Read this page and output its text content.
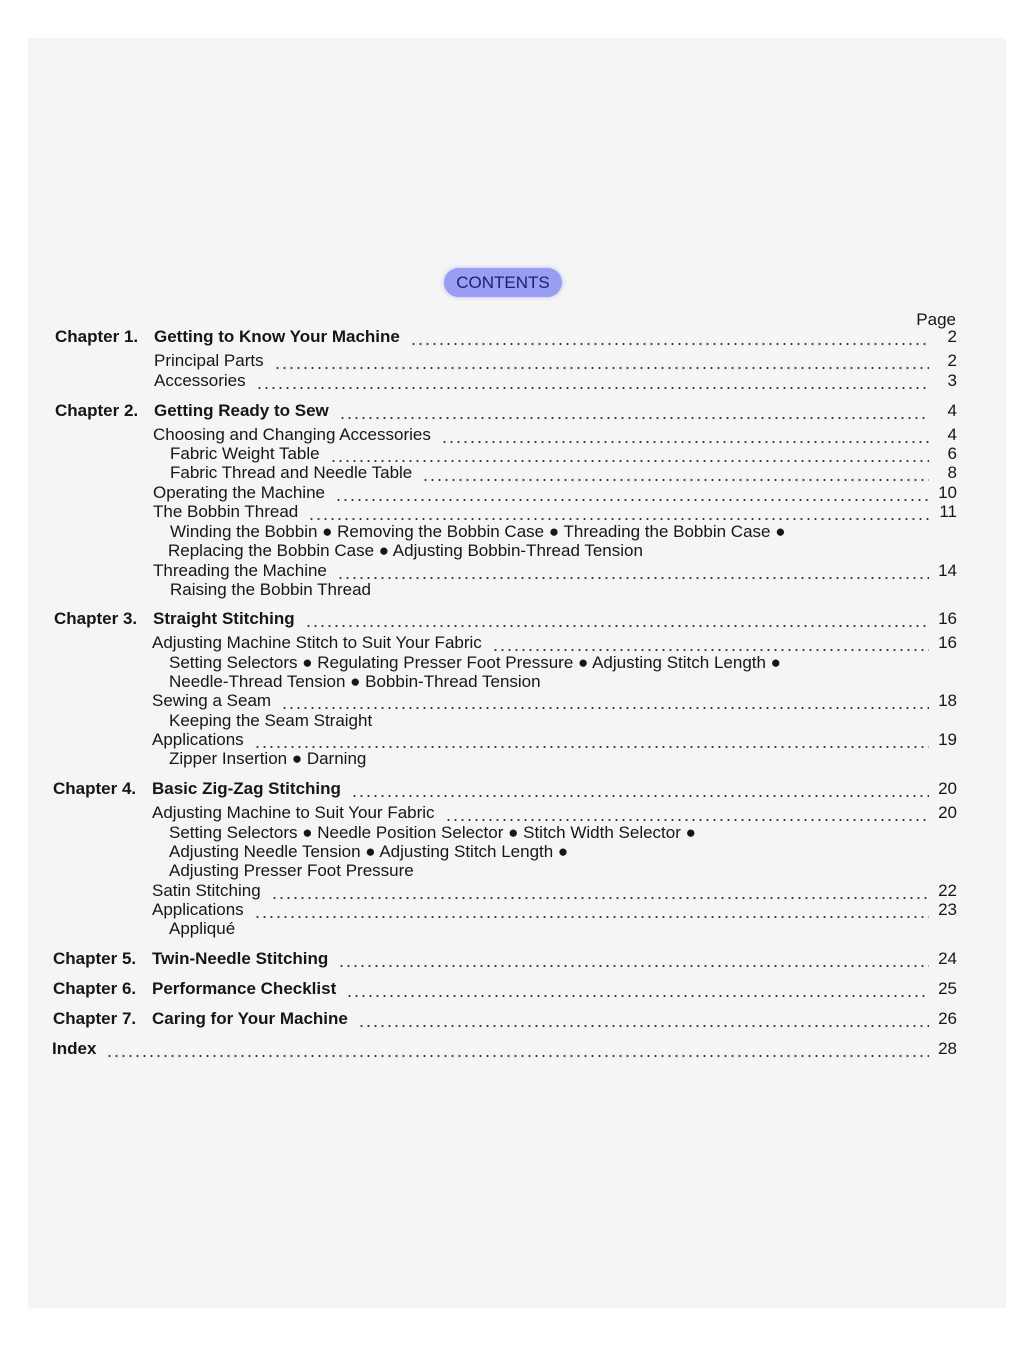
CONTENTS
Page
Chapter 1. Getting to Know Your Machine	2
Principal Parts	2
Accessories	3
Chapter 2. Getting Ready to Sew	4
Choosing and Changing Accessories	4
Fabric Weight Table	6
Fabric Thread and Needle Table	8
Operating the Machine	10
The Bobbin Thread	11
Winding the Bobbin ● Removing the Bobbin Case ● Threading the Bobbin Case ●
Replacing the Bobbin Case ● Adjusting Bobbin-Thread Tension
Threading the Machine	14
Raising the Bobbin Thread
Chapter 3. Straight Stitching	16
Adjusting Machine Stitch to Suit Your Fabric	16
Setting Selectors ● Regulating Presser Foot Pressure ● Adjusting Stitch Length ●
Needle-Thread Tension ● Bobbin-Thread Tension
Sewing a Seam	18
Keeping the Seam Straight
Applications	19
Zipper Insertion ● Darning
Chapter 4. Basic Zig-Zag Stitching	20
Adjusting Machine to Suit Your Fabric	20
Setting Selectors ● Needle Position Selector ● Stitch Width Selector ●
Adjusting Needle Tension ● Adjusting Stitch Length ●
Adjusting Presser Foot Pressure
Satin Stitching	22
Applications	23
Appliqué
Chapter 5. Twin-Needle Stitching	24
Chapter 6. Performance Checklist	25
Chapter 7. Caring for Your Machine	26
Index	28
